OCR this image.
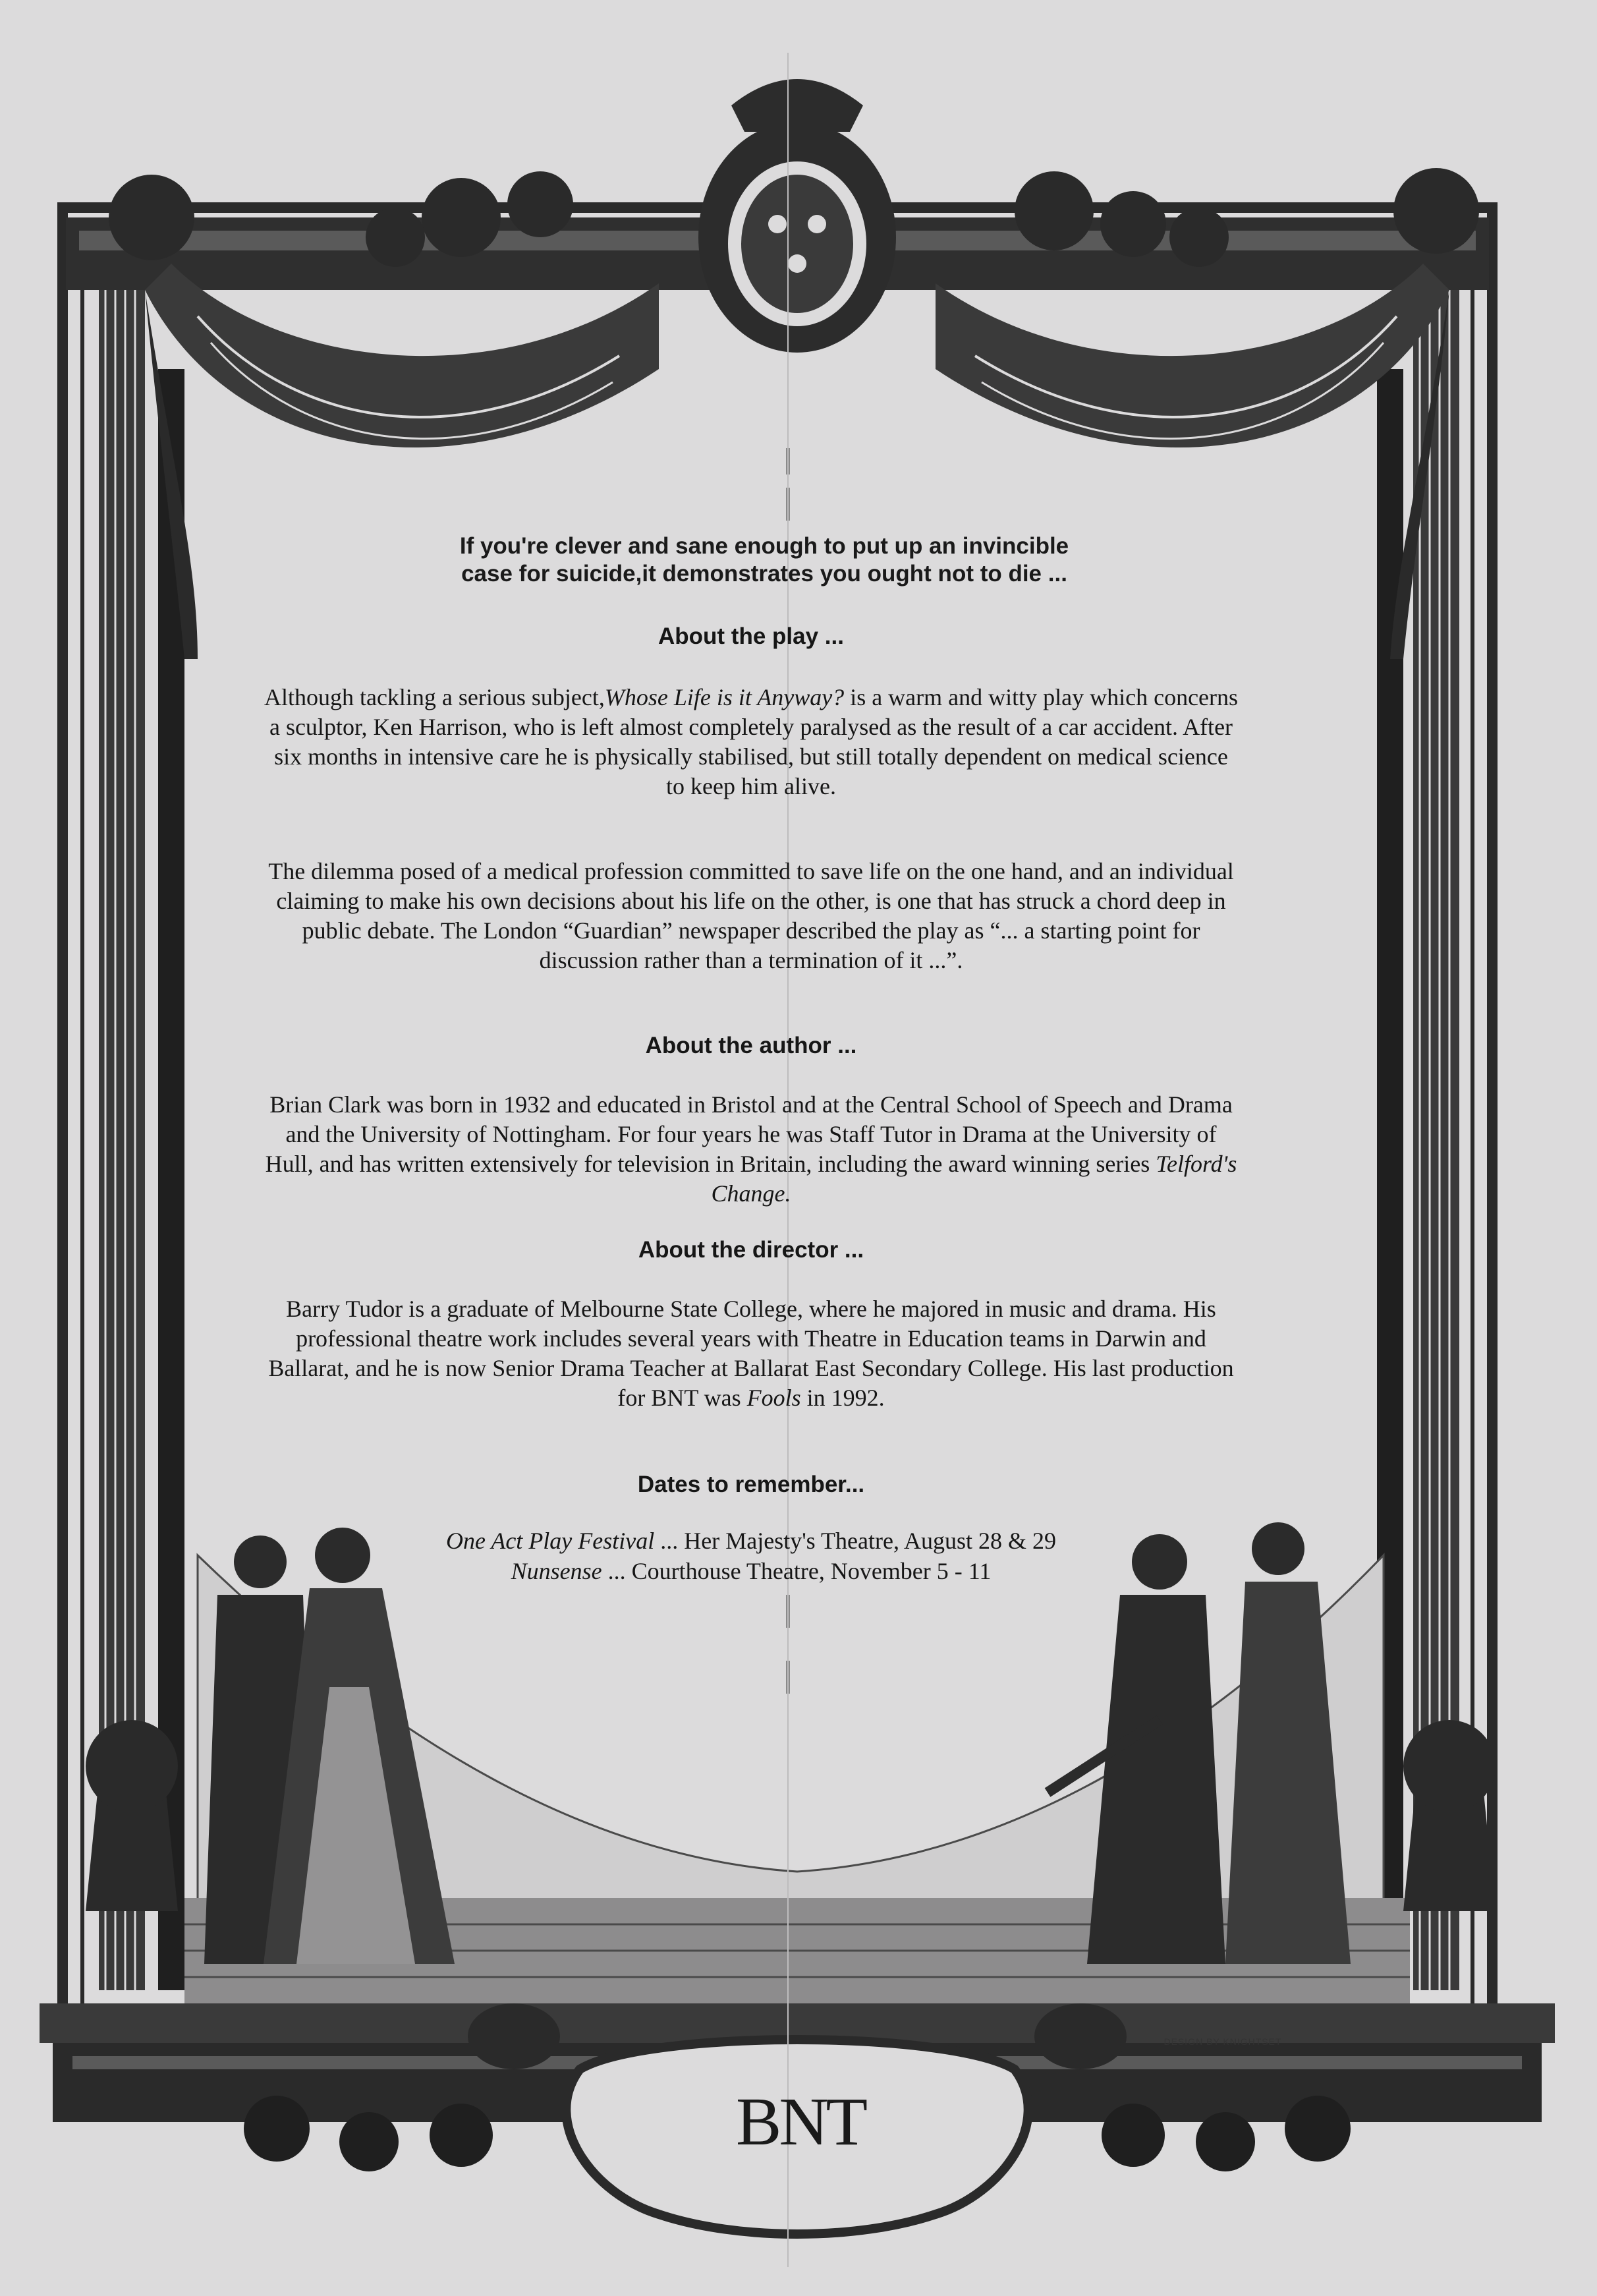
If you're clever and sane enough to put up an invincible
case for suicide,it demonstrates you ought not to die ...
About the play ...
Although tackling a serious subject,Whose Life is it Anyway? is a warm and witty play which concerns a sculptor, Ken Harrison, who is left almost completely paralysed as the result of a car accident. After six months in intensive care he is physically stabilised, but still totally dependent on medical science to keep him alive.
The dilemma posed of a medical profession committed to save life on the one hand, and an individual claiming to make his own decisions about his life on the other, is one that has struck a chord deep in public debate. The London “Guardian” newspaper described the play as “... a starting point for discussion rather than a termination of it ...”.
About the author ...
Brian Clark was born in 1932 and educated in Bristol and at the Central School of Speech and Drama and the University of Nottingham. For four years he was Staff Tutor in Drama at the University of Hull, and has written extensively for television in Britain, including the award winning series Telford's Change.
About the director ...
Barry Tudor is a graduate of Melbourne State College, where he majored in music and drama. His professional theatre work includes several years with Theatre in Education teams in Darwin and Ballarat, and he is now Senior Drama Teacher at Ballarat East Secondary College. His last production for BNT was Fools in 1992.
Dates to remember...
One Act Play Festival ... Her Majesty's Theatre, August 28 & 29
Nunsense ... Courthouse Theatre, November 5 - 11
DESIGN BY KNIGHTSET
BNT
